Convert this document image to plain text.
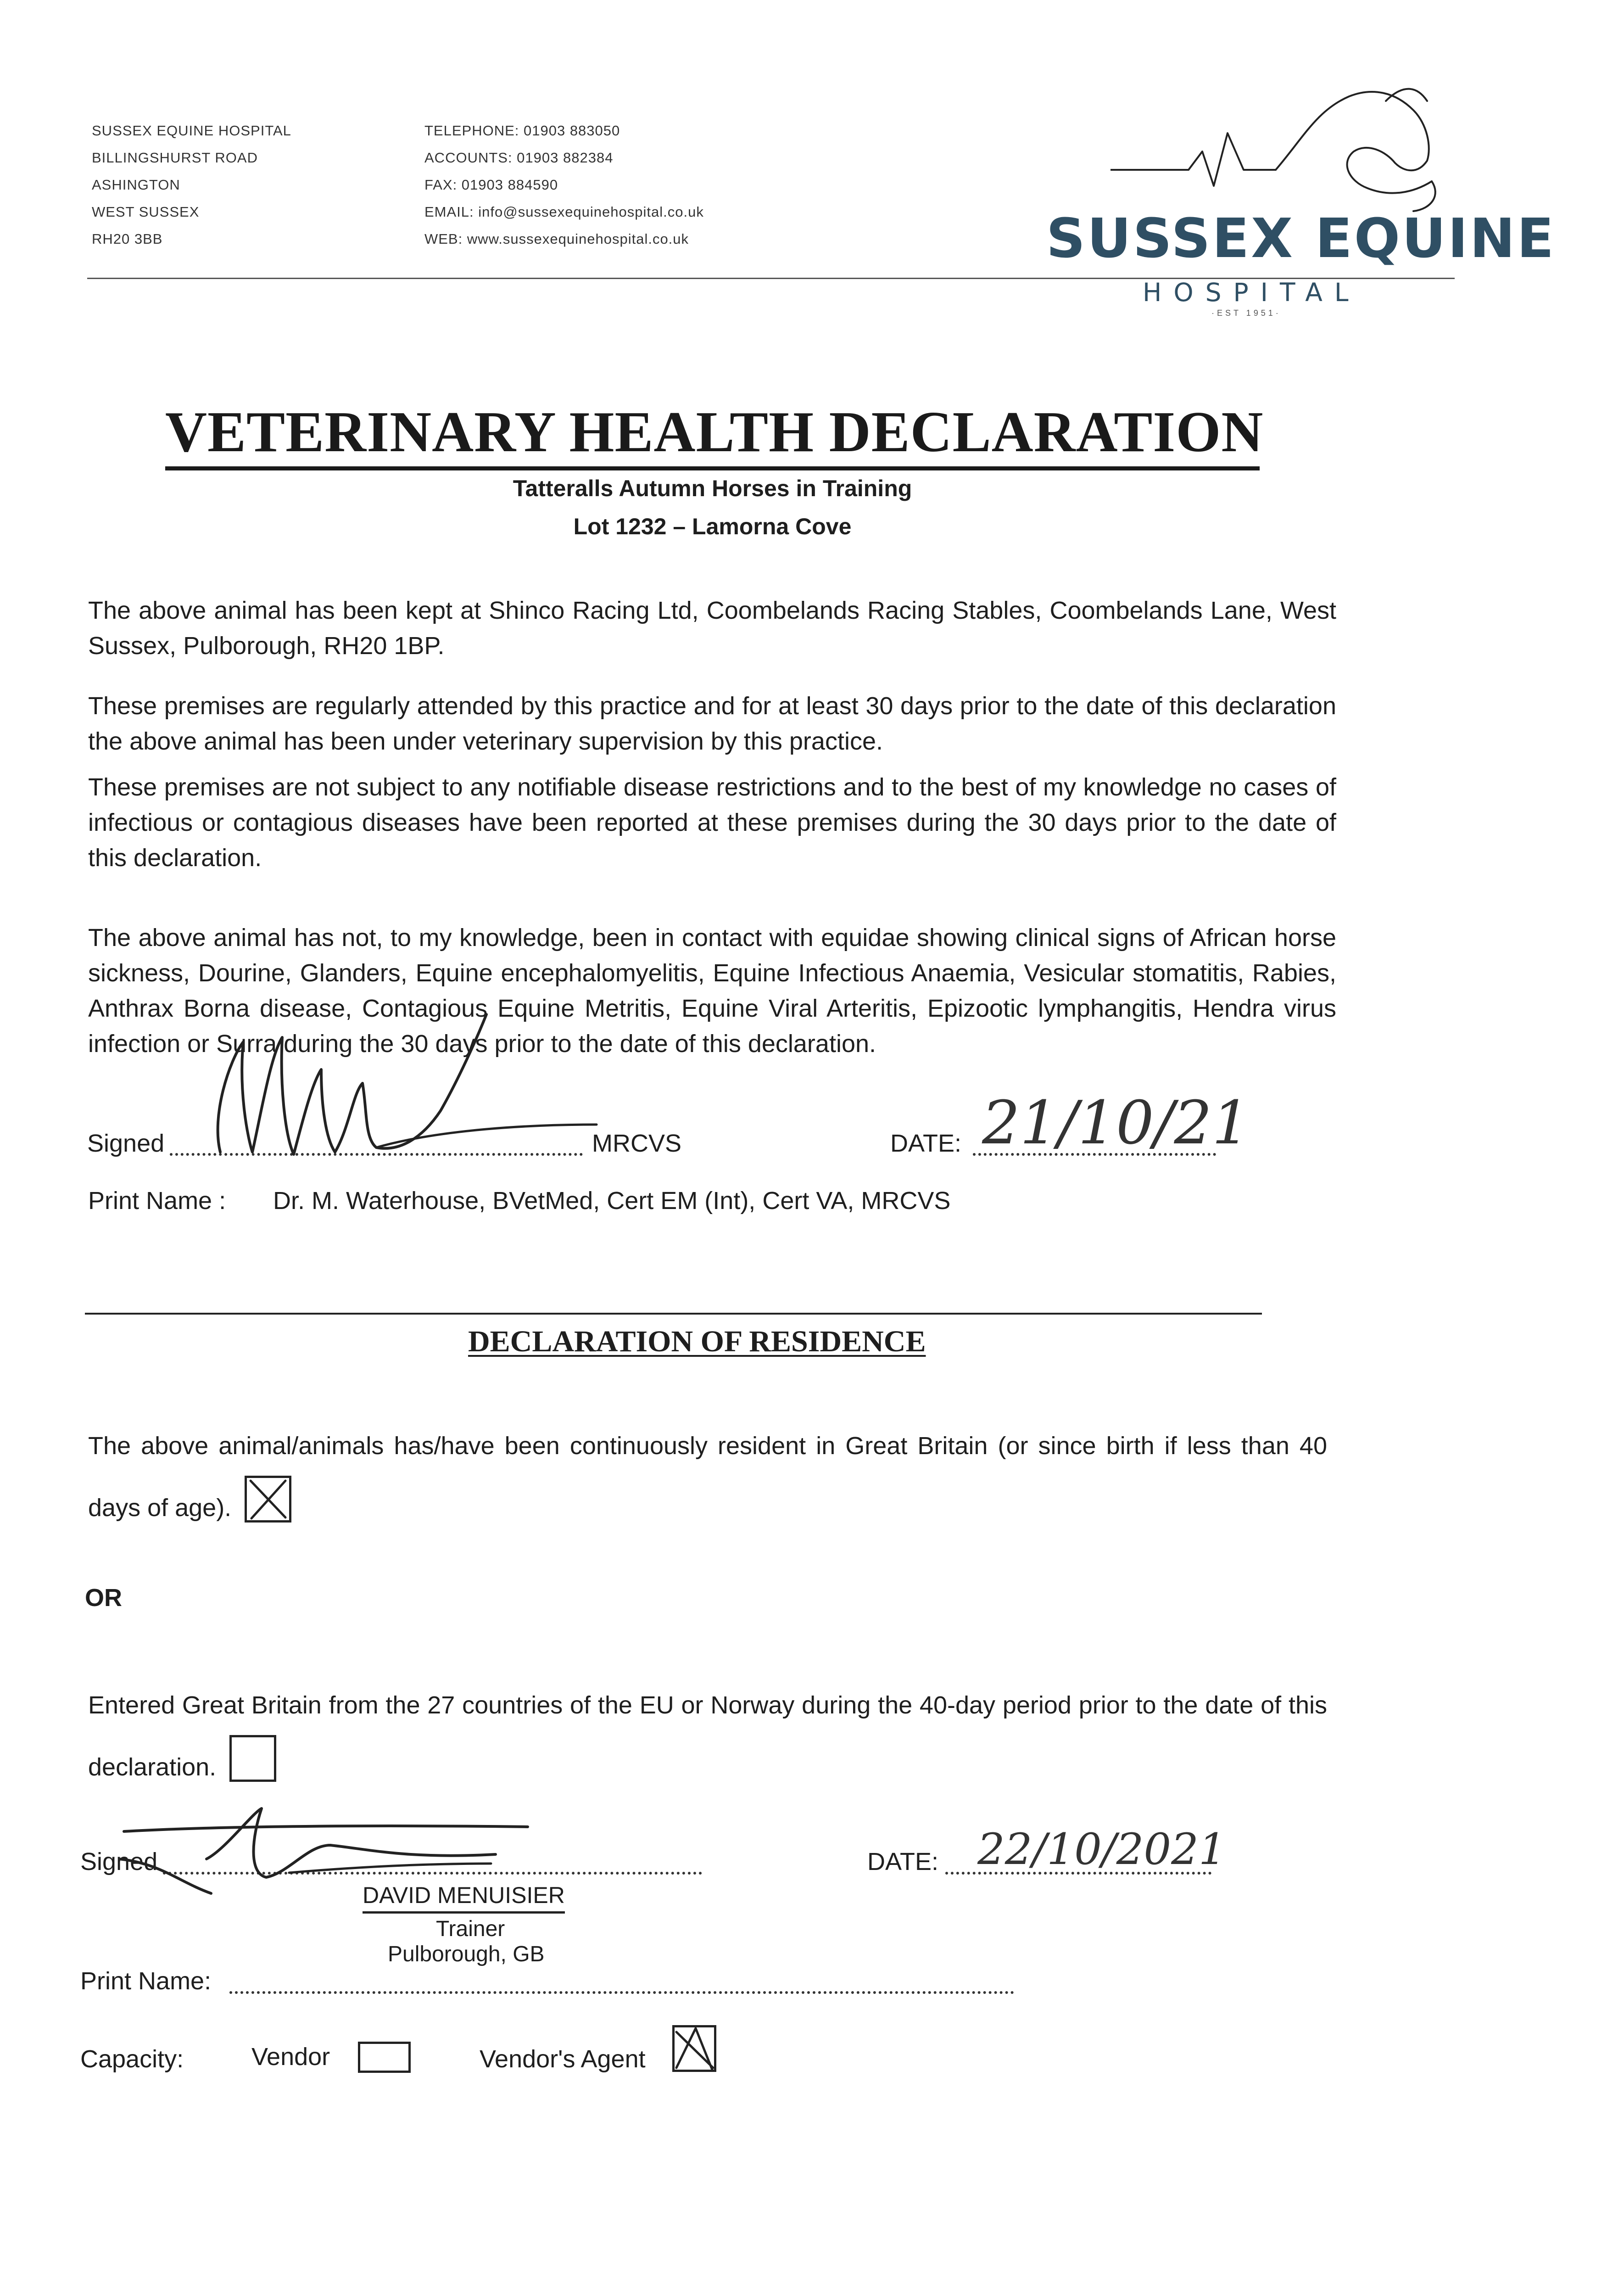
SUSSEX EQUINE HOSPITAL
BILLINGSHURST ROAD
ASHINGTON
WEST SUSSEX
RH20 3BB
TELEPHONE: 01903 883050
ACCOUNTS: 01903 882384
FAX: 01903 884590
EMAIL: info@sussexequinehospital.co.uk
WEB: www.sussexequinehospital.co.uk	SUSSEX EQUINE
HOSPITAL
·EST 1951·
VETERINARY HEALTH DECLARATION
Tatteralls Autumn Horses in Training
Lot 1232 – Lamorna Cove
The above animal has been kept at Shinco Racing Ltd, Coombelands Racing Stables, Coombelands Lane, West Sussex, Pulborough, RH20 1BP.
These premises are regularly attended by this practice and for at least 30 days prior to the date of this declaration the above animal has been under veterinary supervision by this practice.
These premises are not subject to any notifiable disease restrictions and to the best of my knowledge no cases of infectious or contagious diseases have been reported at these premises during the 30 days prior to the date of this declaration.
The above animal has not, to my knowledge, been in contact with equidae showing clinical signs of African horse sickness, Dourine, Glanders, Equine encephalomyelitis, Equine Infectious Anaemia, Vesicular stomatitis, Rabies, Anthrax Borna disease, Contagious Equine Metritis, Equine Viral Arteritis, Epizootic lymphangitis, Hendra virus infection or Surra during the 30 days prior to the date of this declaration.
Signed	MRCVS	DATE: 21/10/21
Print Name : Dr. M. Waterhouse, BVetMed, Cert EM (Int), Cert VA, MRCVS
DECLARATION OF RESIDENCE
The above animal/animals has/have been continuously resident in Great Britain (or since birth if less than 40 days of age).
OR
Entered Great Britain from the 27 countries of the EU or Norway during the 40-day period prior to the date of this declaration.
Signed
DAVID MENUISIER
Trainer
Pulborough, GB
DATE: 22/10/2021
Print Name:
Capacity:	Vendor	Vendor's Agent
